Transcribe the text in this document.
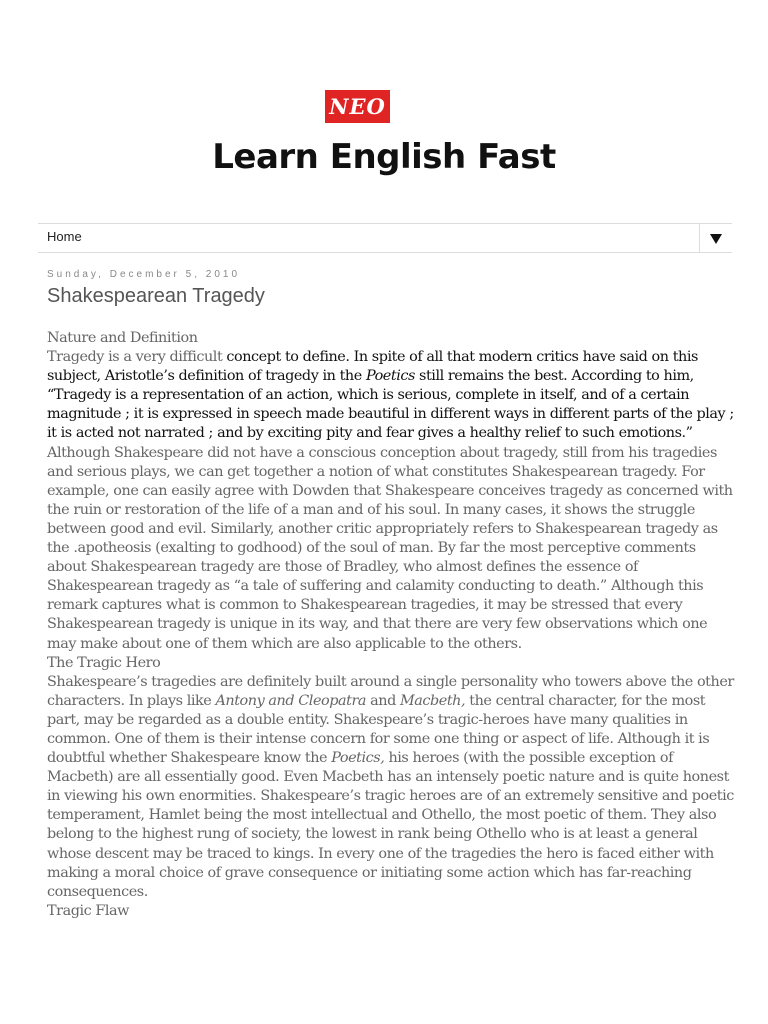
NEO
Learn English Fast
Home
Sunday, December 5, 2010
Shakespearean Tragedy

Nature and Definition

Tragedy is a very difficult concept to define. In spite of all that modern critics have said on this subject, Aristotle’s definition of tragedy in the Poetics still remains the best. According to him, “Tragedy is a representation of an action, which is serious, complete in itself, and of a certain magnitude ; it is expressed in speech made beautiful in different ways in different parts of the play ; it is acted not narrated ; and by exciting pity and fear gives a healthy relief to such emotions.”

Although Shakespeare did not have a conscious conception about tragedy, still from his tragedies and serious plays, we can get together a notion of what constitutes Shakespearean tragedy. For example, one can easily agree with Dowden that Shakespeare conceives tragedy as concerned with the ruin or restoration of the life of a man and of his soul. In many cases, it shows the struggle between good and evil. Similarly, another critic appropriately refers to Shakespearean tragedy as the .apotheosis (exalting to godhood) of the soul of man. By far the most perceptive comments about Shakespearean tragedy are those of Bradley, who almost defines the essence of Shakespearean tragedy as “a tale of suffering and calamity conducting to death.” Although this remark captures what is common to Shakespearean tragedies, it may be stressed that every Shakespearean tragedy is unique in its way, and that there are very few observations which one may make about one of them which are also applicable to the others.

The Tragic Hero

Shakespeare’s tragedies are definitely built around a single personality who towers above the other characters. In plays like Antony and Cleopatra and Macbeth, the central character, for the most part, may be regarded as a double entity. Shakespeare’s tragic-heroes have many qualities in common. One of them is their intense concern for some one thing or aspect of life. Although it is doubtful whether Shakespeare know the Poetics, his heroes (with the possible exception of Macbeth) are all essentially good. Even Macbeth has an intensely poetic nature and is quite honest in viewing his own enormities. Shakespeare’s tragic heroes are of an extremely sensitive and poetic temperament, Hamlet being the most intellectual and Othello, the most poetic of them. They also belong to the highest rung of society, the lowest in rank being Othello who is at least a general whose descent may be traced to kings. In every one of the tragedies the hero is faced either with making a moral choice of grave consequence or initiating some action which has far-reaching consequences.

Tragic Flaw
